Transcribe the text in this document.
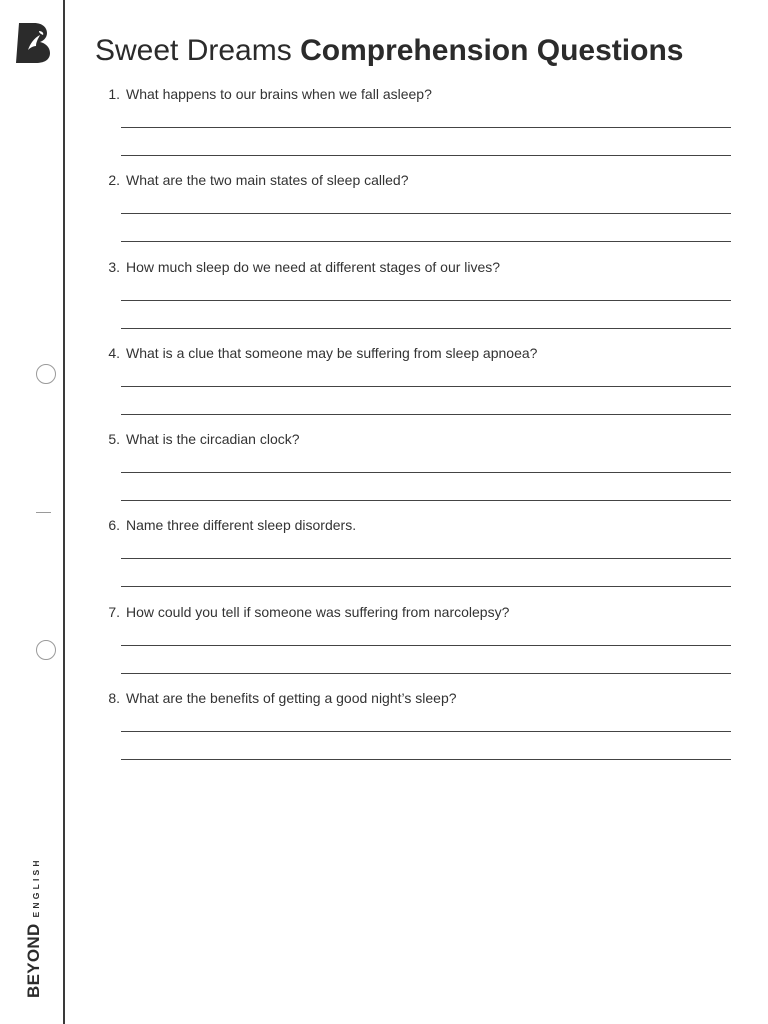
BEYOND
ENGLISH
Sweet Dreams Comprehension Questions
1. What happens to our brains when we fall asleep?
2. What are the two main states of sleep called?
3. How much sleep do we need at different stages of our lives?
4. What is a clue that someone may be suffering from sleep apnoea?
5. What is the circadian clock?
6. Name three different sleep disorders.
7. How could you tell if someone was suffering from narcolepsy?
8. What are the benefits of getting a good night’s sleep?
